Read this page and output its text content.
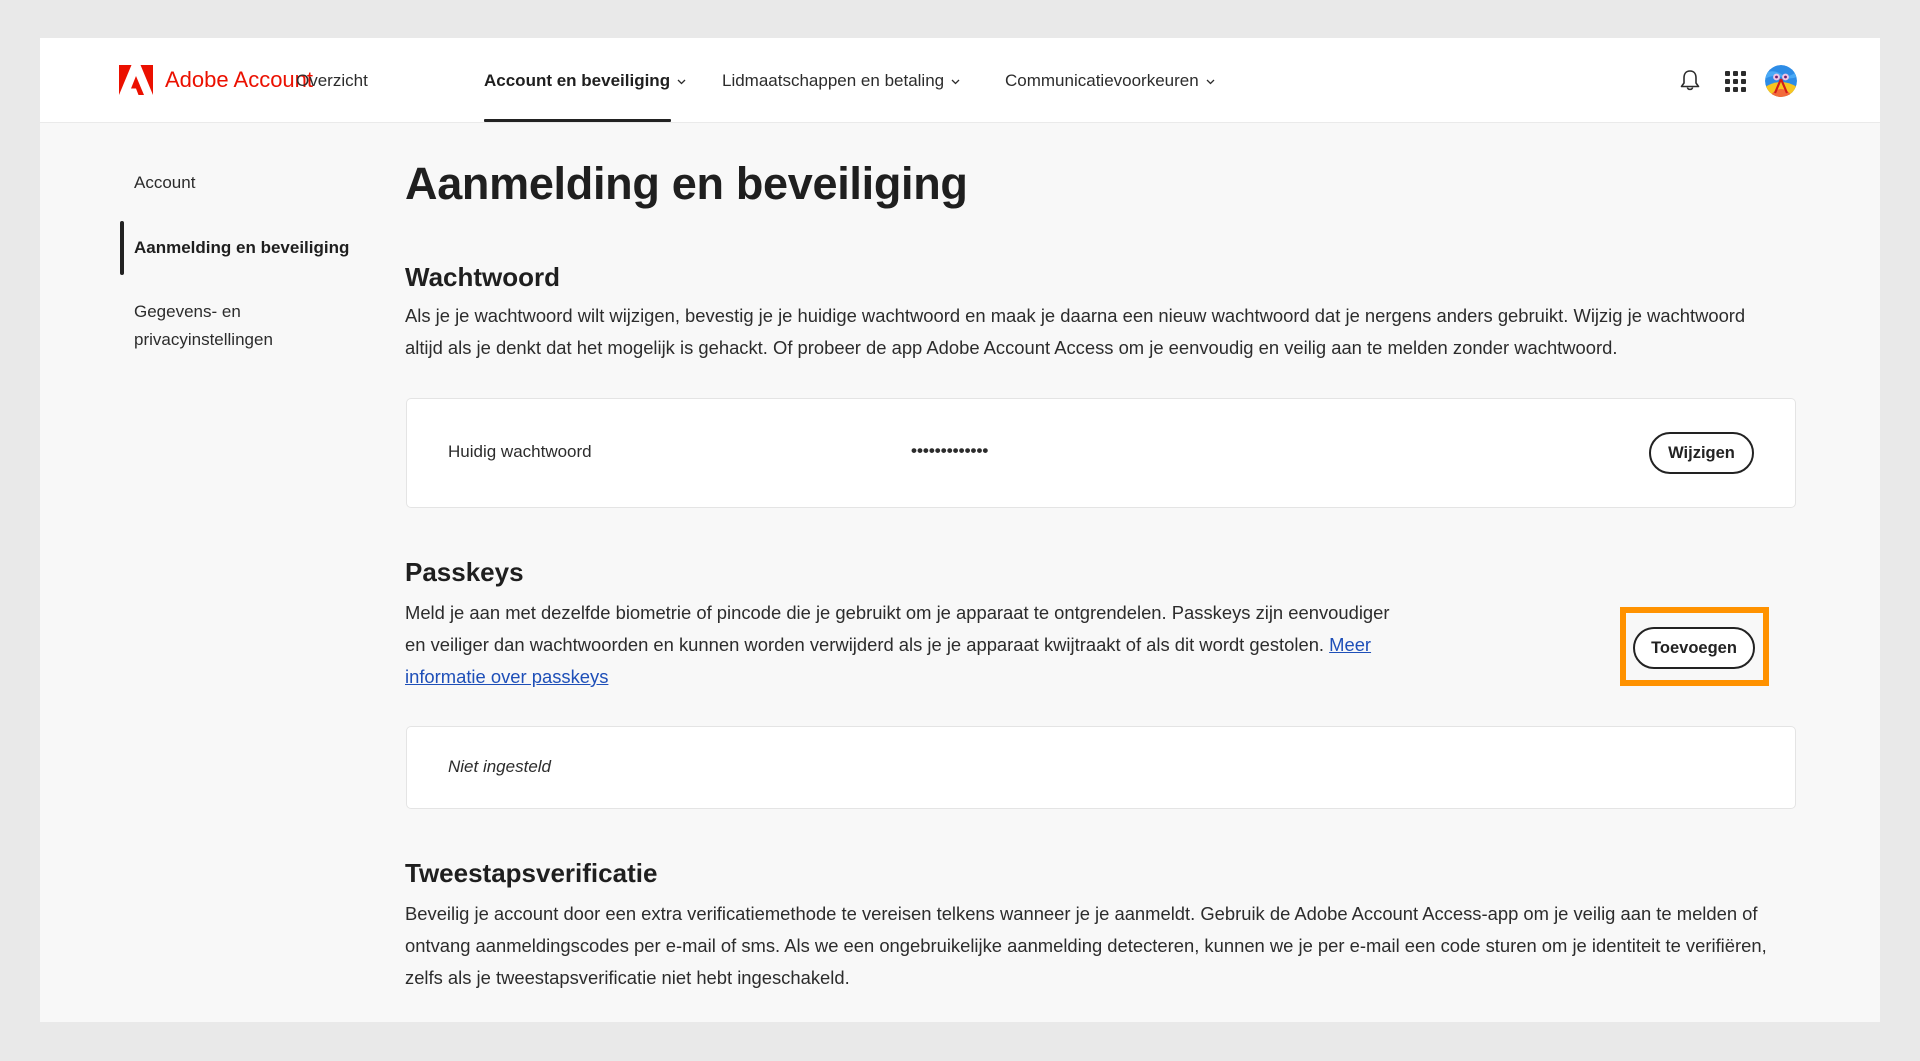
Adobe Account
Overzicht	Account en beveiliging	Lidmaatschappen en betaling	Communicatievoorkeuren
Account
Aanmelding en beveiliging
Gegevens- en
privacyinstellingen
Aanmelding en beveiliging
Wachtwoord
Als je je wachtwoord wilt wijzigen, bevestig je je huidige wachtwoord en maak je daarna een nieuw wachtwoord dat je nergens anders gebruikt. Wijzig je wachtwoord
altijd als je denkt dat het mogelijk is gehackt. Of probeer de app Adobe Account Access om je eenvoudig en veilig aan te melden zonder wachtwoord.
Huidig wachtwoord	•••••••••••••	Wijzigen
Passkeys
Meld je aan met dezelfde biometrie of pincode die je gebruikt om je apparaat te ontgrendelen. Passkeys zijn eenvoudiger
en veiliger dan wachtwoorden en kunnen worden verwijderd als je je apparaat kwijtraakt of als dit wordt gestolen. Meer
informatie over passkeys
Toevoegen
Niet ingesteld
Tweestapsverificatie
Beveilig je account door een extra verificatiemethode te vereisen telkens wanneer je je aanmeldt. Gebruik de Adobe Account Access-app om je veilig aan te melden of
ontvang aanmeldingscodes per e-mail of sms. Als we een ongebruikelijke aanmelding detecteren, kunnen we je per e-mail een code sturen om je identiteit te verifiëren,
zelfs als je tweestapsverificatie niet hebt ingeschakeld.
